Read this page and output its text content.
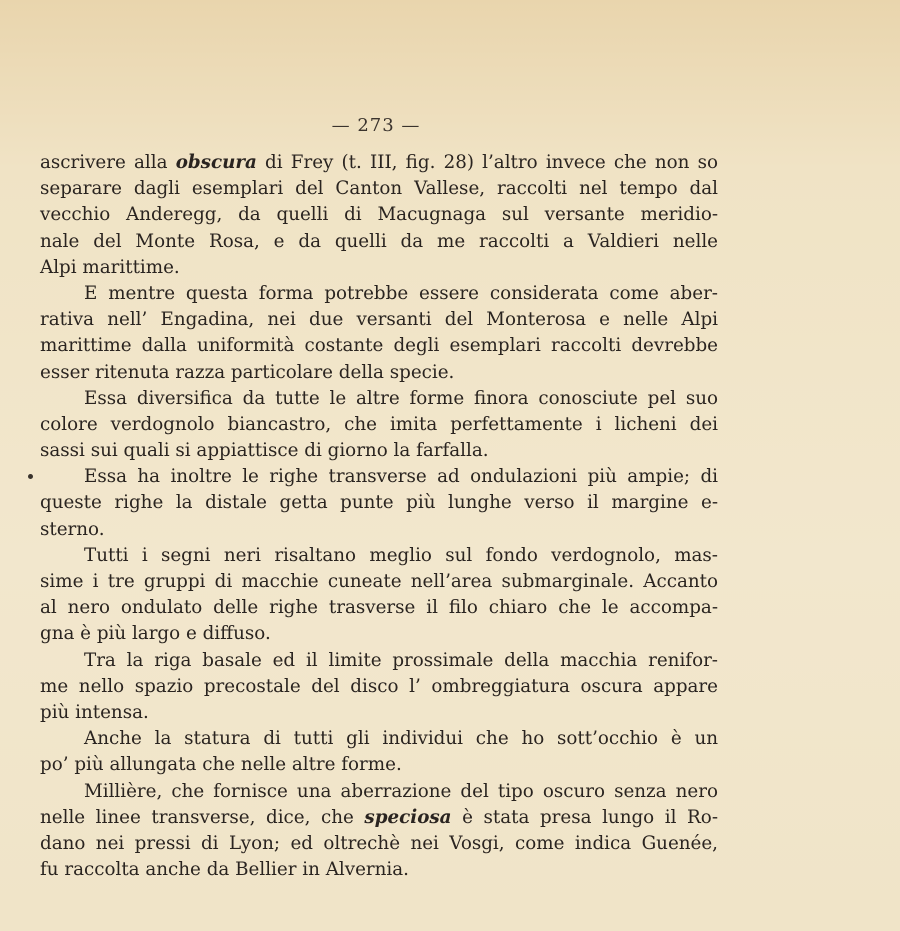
— 273 —
ascrivere alla obscura di Frey (t. III, fig. 28) l’altro invece che non so
separare dagli esemplari del Canton Vallese, raccolti nel tempo dal
vecchio Anderegg, da quelli di Macugnaga sul versante meridio-
nale del Monte Rosa, e da quelli da me raccolti a Valdieri nelle
Alpi marittime.
E mentre questa forma potrebbe essere considerata come aber-
rativa nell’ Engadina, nei due versanti del Monterosa e nelle Alpi
marittime dalla uniformità costante degli esemplari raccolti devrebbe
esser ritenuta razza particolare della specie.
Essa diversifica da tutte le altre forme finora conosciute pel suo
colore verdognolo biancastro, che imita perfettamente i licheni dei
sassi sui quali si appiattisce di giorno la farfalla.
Essa ha inoltre le righe transverse ad ondulazioni più ampie; di
queste righe la distale getta punte più lunghe verso il margine e-
sterno.
Tutti i segni neri risaltano meglio sul fondo verdognolo, mas-
sime i tre gruppi di macchie cuneate nell’area submarginale. Accanto
al nero ondulato delle righe trasverse il filo chiaro che le accompa-
gna è più largo e diffuso.
Tra la riga basale ed il limite prossimale della macchia renifor-
me nello spazio precostale del disco l’ ombreggiatura oscura appare
più intensa.
Anche la statura di tutti gli individui che ho sott’occhio è un
po’ più allungata che nelle altre forme.
Millière, che fornisce una aberrazione del tipo oscuro senza nero
nelle linee transverse, dice, che speciosa è stata presa lungo il Ro-
dano nei pressi di Lyon; ed oltrechè nei Vosgi, come indica Guenée,
fu raccolta anche da Bellier in Alvernia.
